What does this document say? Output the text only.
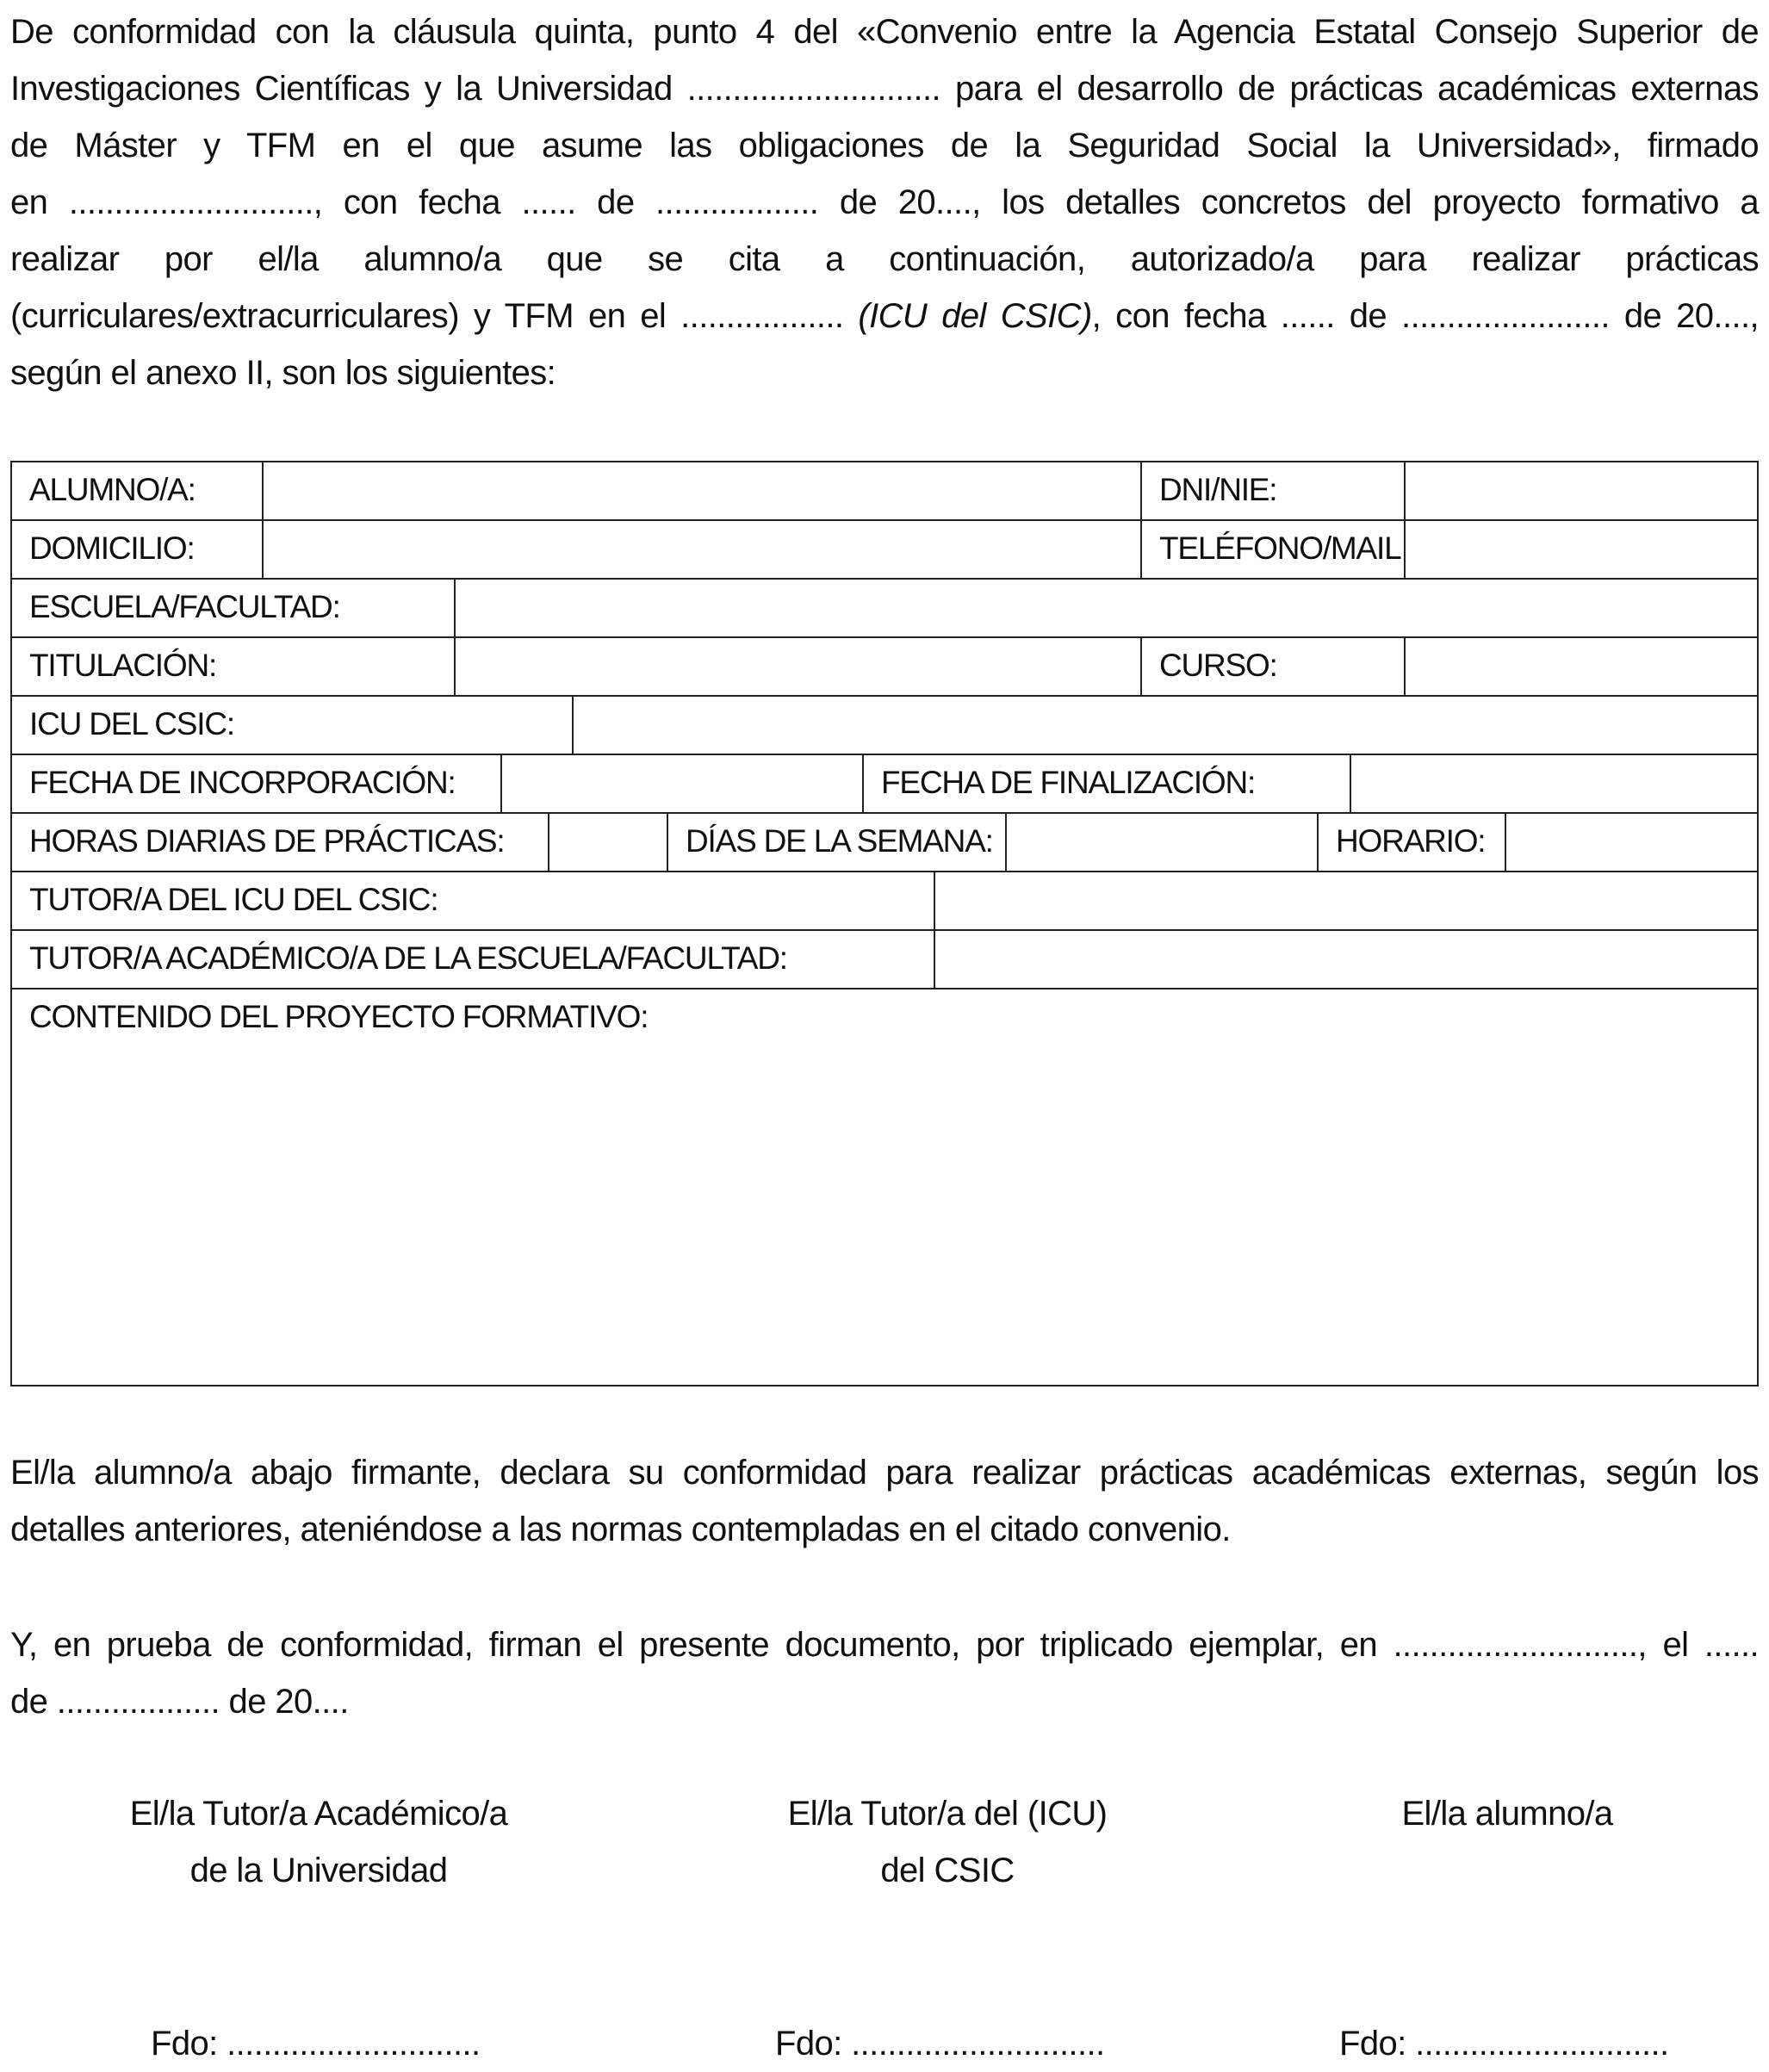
De conformidad con la cláusula quinta, punto 4 del «Convenio entre la Agencia Estatal Consejo Superior de
Investigaciones Científicas y la Universidad ............................ para el desarrollo de prácticas académicas externas
de Máster y TFM en el que asume las obligaciones de la Seguridad Social la Universidad», firmado
en ..........................., con fecha ...... de .................. de 20...., los detalles concretos del proyecto formativo a
realizar por el/la alumno/a que se cita a continuación, autorizado/a para realizar prácticas
(curriculares/extracurriculares) y TFM en el .................. (ICU del CSIC), con fecha ...... de ....................... de 20....,
según el anexo II, son los siguientes:
ALUMNO/A:	DNI/NIE:
DOMICILIO:	TELÉFONO/MAIL
ESCUELA/FACULTAD:
TITULACIÓN:	CURSO:
ICU DEL CSIC:
FECHA DE INCORPORACIÓN:	FECHA DE FINALIZACIÓN:
HORAS DIARIAS DE PRÁCTICAS:	DÍAS DE LA SEMANA:	HORARIO:
TUTOR/A DEL ICU DEL CSIC:
TUTOR/A ACADÉMICO/A DE LA ESCUELA/FACULTAD:
CONTENIDO DEL PROYECTO FORMATIVO:
El/la alumno/a abajo firmante, declara su conformidad para realizar prácticas académicas externas, según los
detalles anteriores, ateniéndose a las normas contempladas en el citado convenio.
Y, en prueba de conformidad, firman el presente documento, por triplicado ejemplar, en ..........................., el ......
de .................. de 20....
El/la Tutor/a Académico/a
de la Universidad
El/la Tutor/a del (ICU)
del CSIC
El/la alumno/a
Fdo: ............................	Fdo: ............................	Fdo: ............................
